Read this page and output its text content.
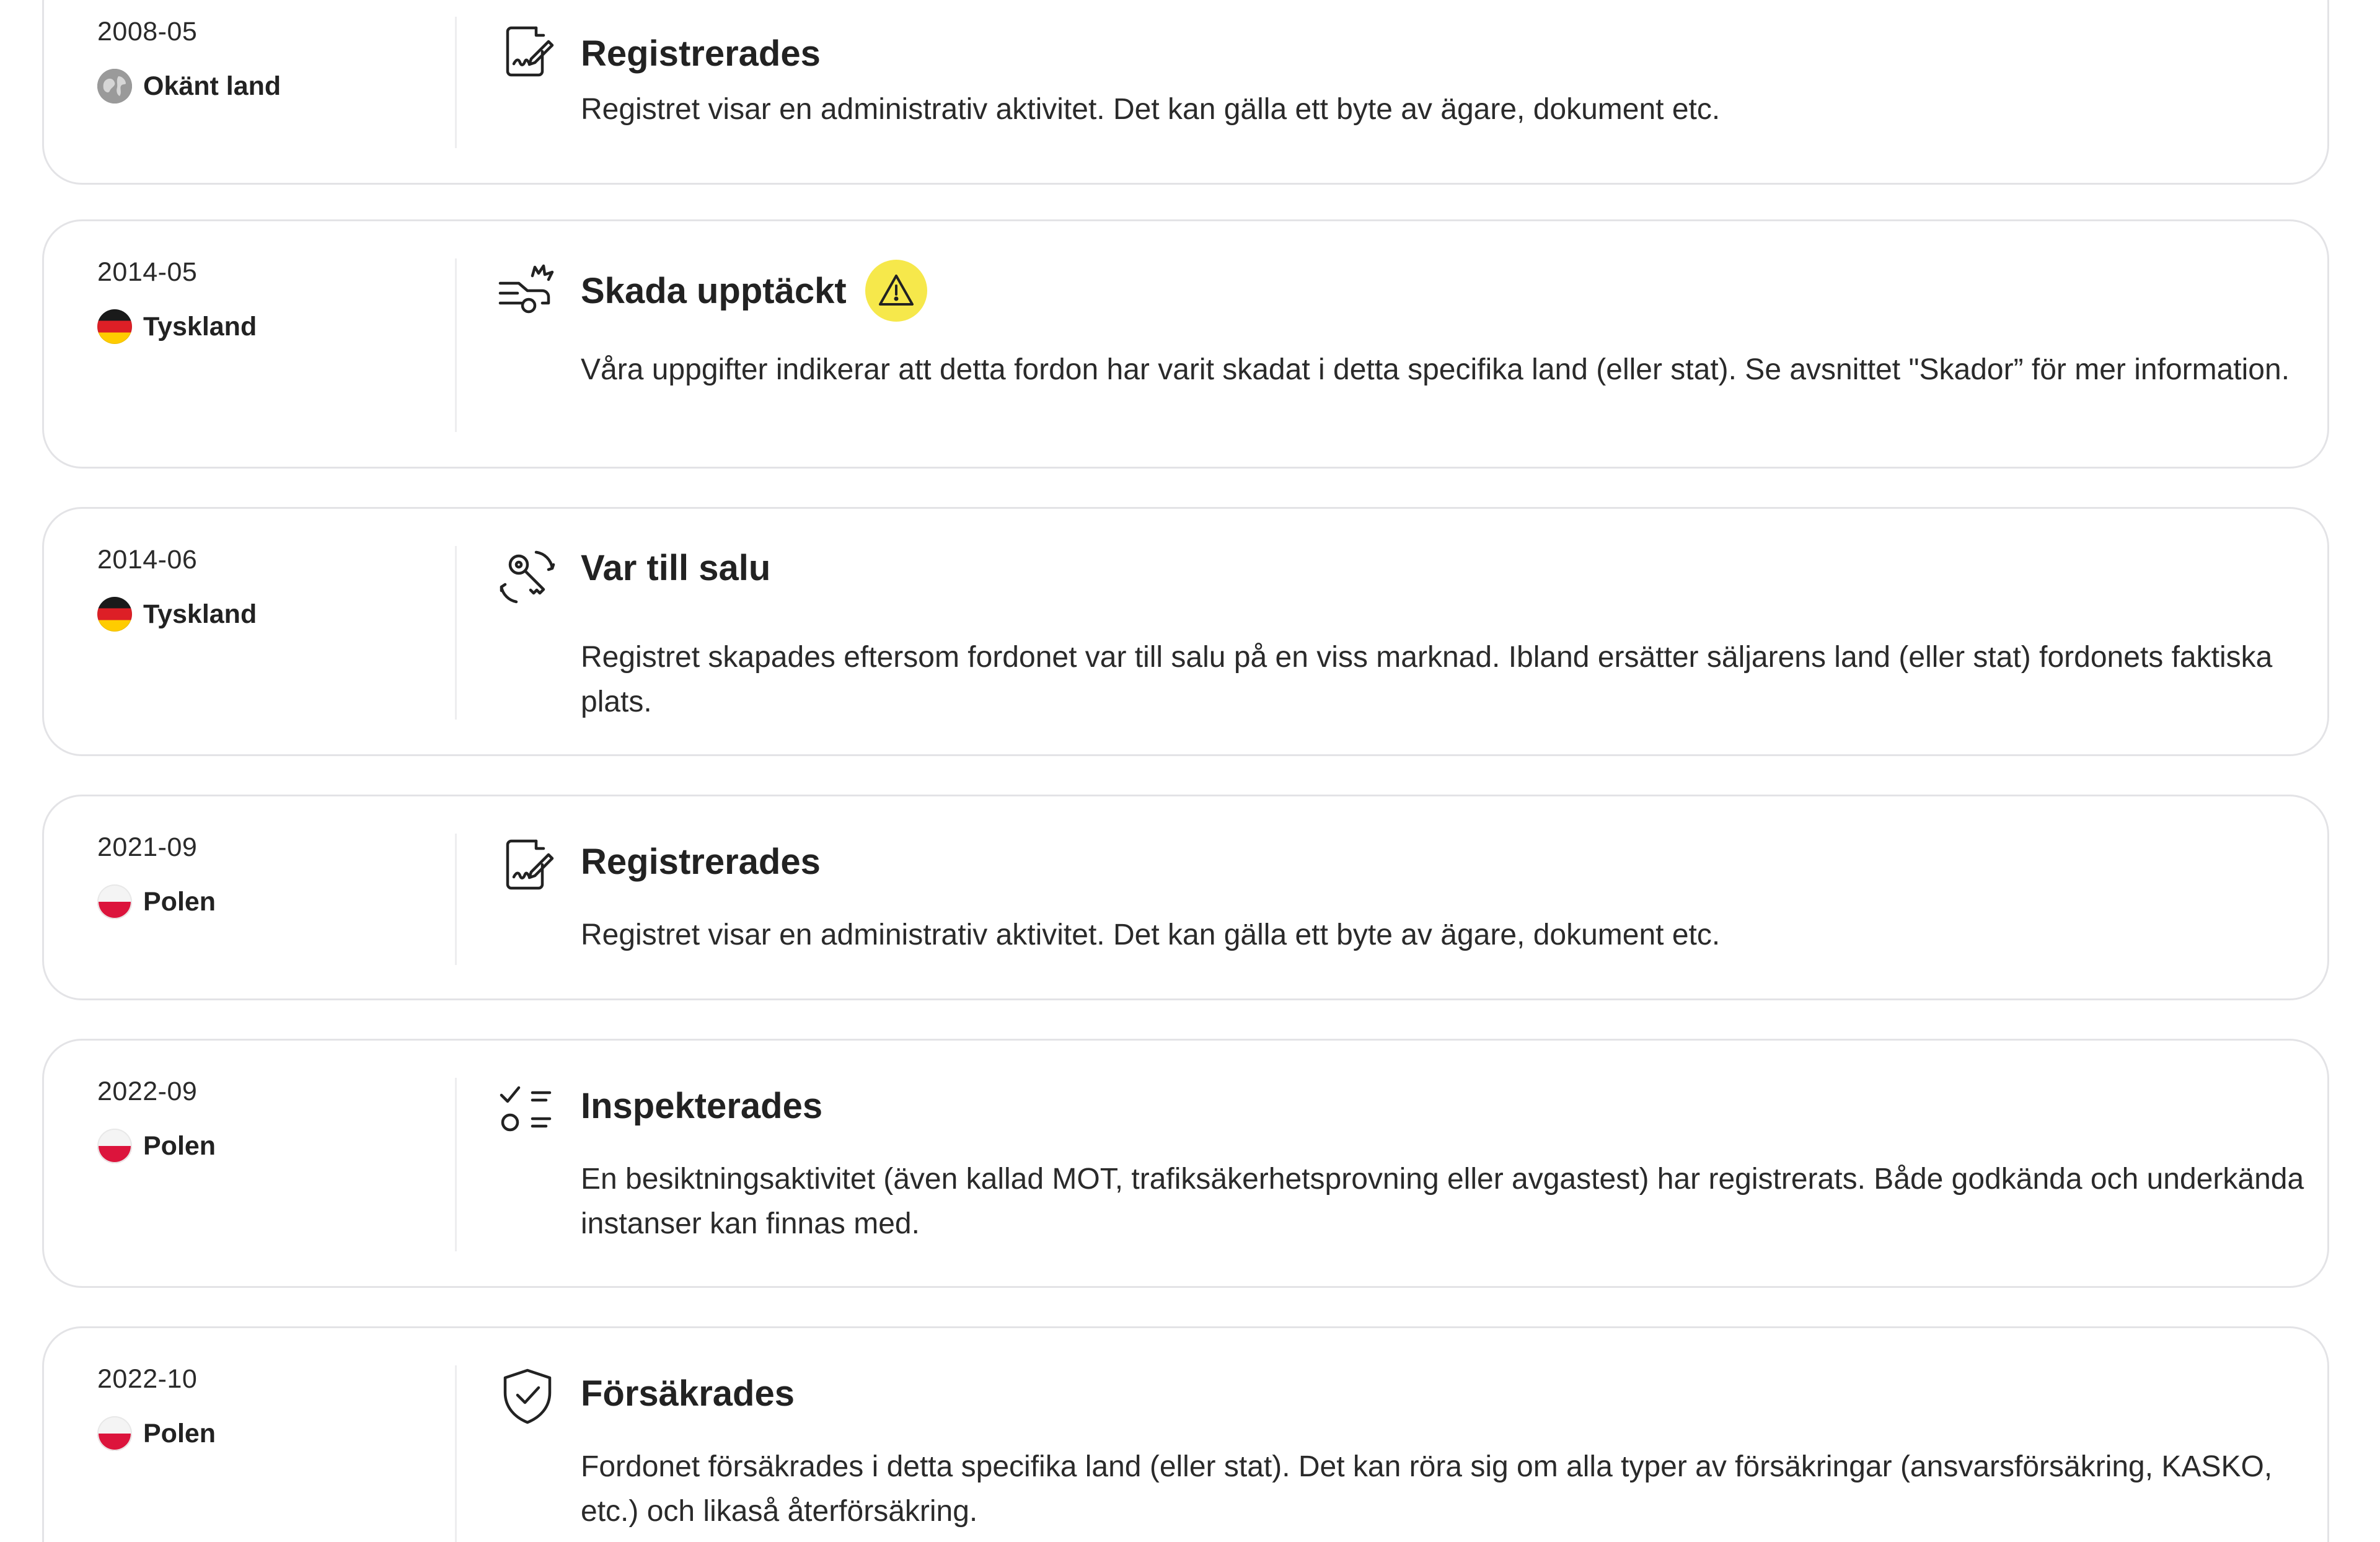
2008-05
Okänt land
Registrerades
Registret visar en administrativ aktivitet. Det kan gälla ett byte av ägare, dokument etc.
2014-05
Tyskland
Skada upptäckt
Våra uppgifter indikerar att detta fordon har varit skadat i detta specifika land (eller stat). Se avsnittet "Skador” för mer information.
2014-06
Tyskland
Var till salu
Registret skapades eftersom fordonet var till salu på en viss marknad. Ibland ersätter säljarens land (eller stat) fordonets faktiska plats.
2021-09
Polen
Registrerades
Registret visar en administrativ aktivitet. Det kan gälla ett byte av ägare, dokument etc.
2022-09
Polen
Inspekterades
En besiktningsaktivitet (även kallad MOT, trafiksäkerhetsprovning eller avgastest) har registrerats. Både godkända och underkända instanser kan finnas med.
2022-10
Polen
Försäkrades
Fordonet försäkrades i detta specifika land (eller stat). Det kan röra sig om alla typer av försäkringar (ansvarsförsäkring, KASKO, etc.) och likaså återförsäkring.
